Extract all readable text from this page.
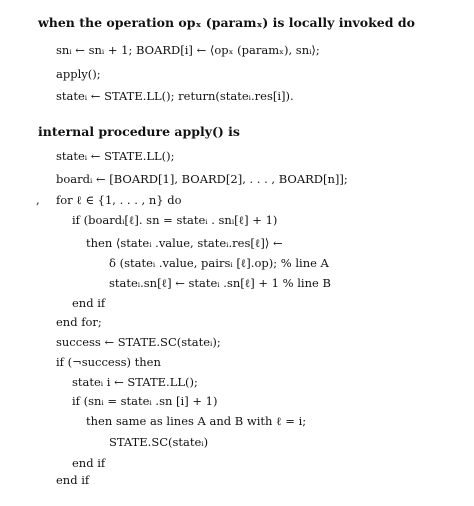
when the operation opₓ (paramₓ) is locally invoked do
snᵢ ← snᵢ + 1; BOARD[i] ← ⟨opₓ (paramₓ), snᵢ⟩;
apply();
stateᵢ ← STATE.LL(); return(stateᵢ.res[i]).
internal procedure apply() is
stateᵢ ← STATE.LL();
boardᵢ ← [BOARD[1], BOARD[2], . . . , BOARD[n]];
, for ℓ ∈ {1, . . . , n} do
if (boardᵢ[ℓ]. sn = stateᵢ . snᵢ[ℓ] + 1)
then ⟨stateᵢ .value, stateᵢ.res[ℓ]⟩ ←
δ (stateᵢ .value, pairsᵢ [ℓ].op); % line A
stateᵢ.sn[ℓ] ← stateᵢ .sn[ℓ] + 1 % line B
end if
end for;
success ← STATE.SC(stateᵢ);
if (¬success) then
stateᵢ i ← STATE.LL();
if (snᵢ = stateᵢ .sn [i] + 1)
then same as lines A and B with ℓ = i;
STATE.SC(stateᵢ)
end if
end if
